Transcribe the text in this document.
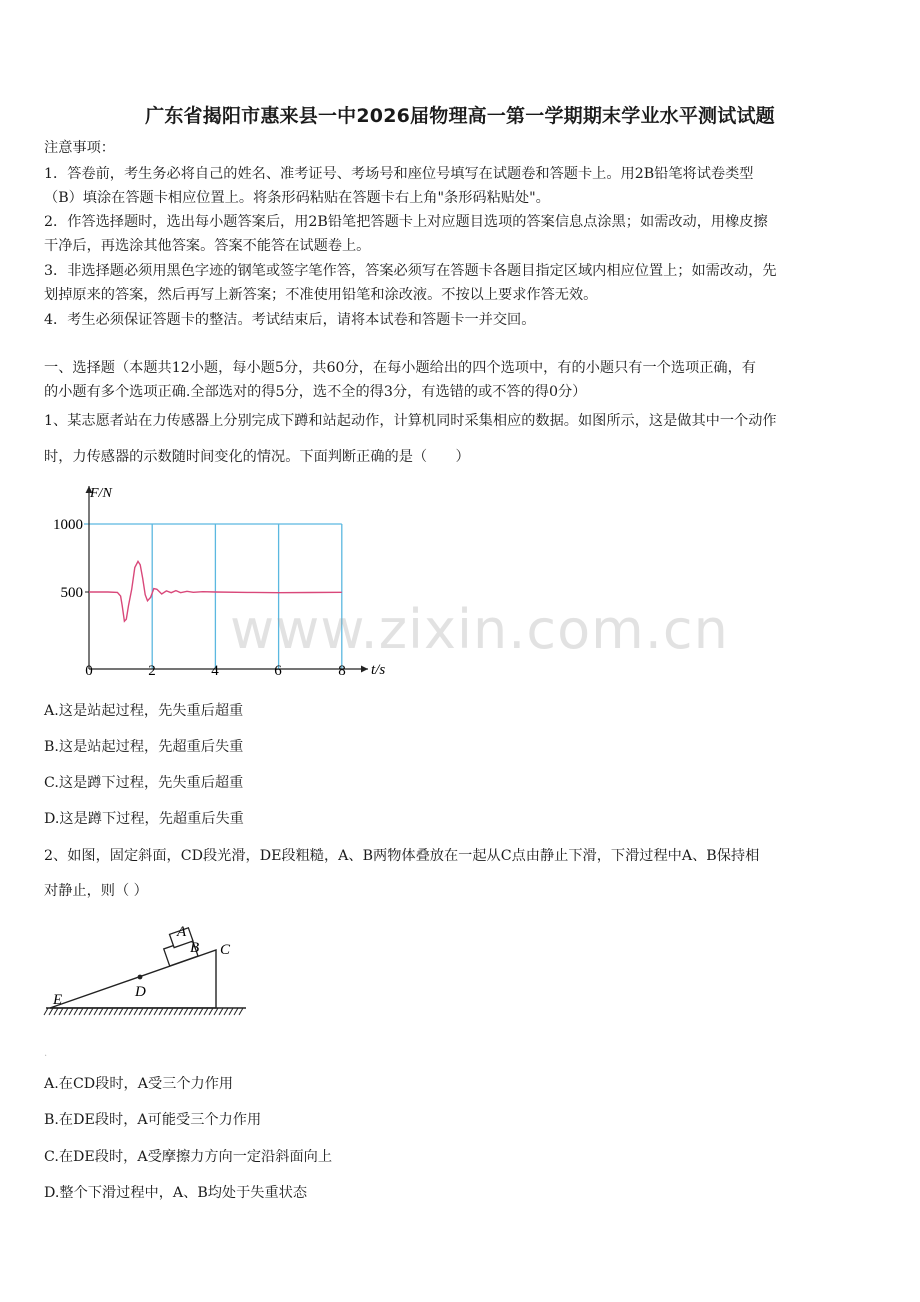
广东省揭阳市惠来县一中2026届物理高一第一学期期末学业水平测试试题
注意事项：
1．答卷前，考生务必将自己的姓名、准考证号、考场号和座位号填写在试题卷和答题卡上。用2B铅笔将试卷类型
（B）填涂在答题卡相应位置上。将条形码粘贴在答题卡右上角"条形码粘贴处"。
2．作答选择题时，选出每小题答案后，用2B铅笔把答题卡上对应题目选项的答案信息点涂黑；如需改动，用橡皮擦
干净后，再选涂其他答案。答案不能答在试题卷上。
3．非选择题必须用黑色字迹的钢笔或签字笔作答，答案必须写在答题卡各题目指定区域内相应位置上；如需改动，先
划掉原来的答案，然后再写上新答案；不准使用铅笔和涂改液。不按以上要求作答无效。
4．考生必须保证答题卡的整洁。考试结束后，请将本试卷和答题卡一并交回。
一、选择题（本题共12小题，每小题5分，共60分，在每小题给出的四个选项中，有的小题只有一个选项正确，有
的小题有多个选项正确.全部选对的得5分，选不全的得3分，有选错的或不答的得0分）
1、某志愿者站在力传感器上分别完成下蹲和站起动作，计算机同时采集相应的数据。如图所示，这是做其中一个动作
时，力传感器的示数随时间变化的情况。下面判断正确的是（　　）
F/N
t/s
1000
500
0	2	4	6	8
A.这是站起过程，先失重后超重
B.这是站起过程，先超重后失重
C.这是蹲下过程，先失重后超重
D.这是蹲下过程，先超重后失重
2、如图，固定斜面，CD段光滑，DE段粗糙，A、B两物体叠放在一起从C点由静止下滑，下滑过程中A、B保持相
对静止，则（ ）
A
B C
D
E
.
A.在CD段时，A受三个力作用
B.在DE段时，A可能受三个力作用
C.在DE段时，A受摩擦力方向一定沿斜面向上
D.整个下滑过程中，A、B均处于失重状态
www.zixin.com.cn
